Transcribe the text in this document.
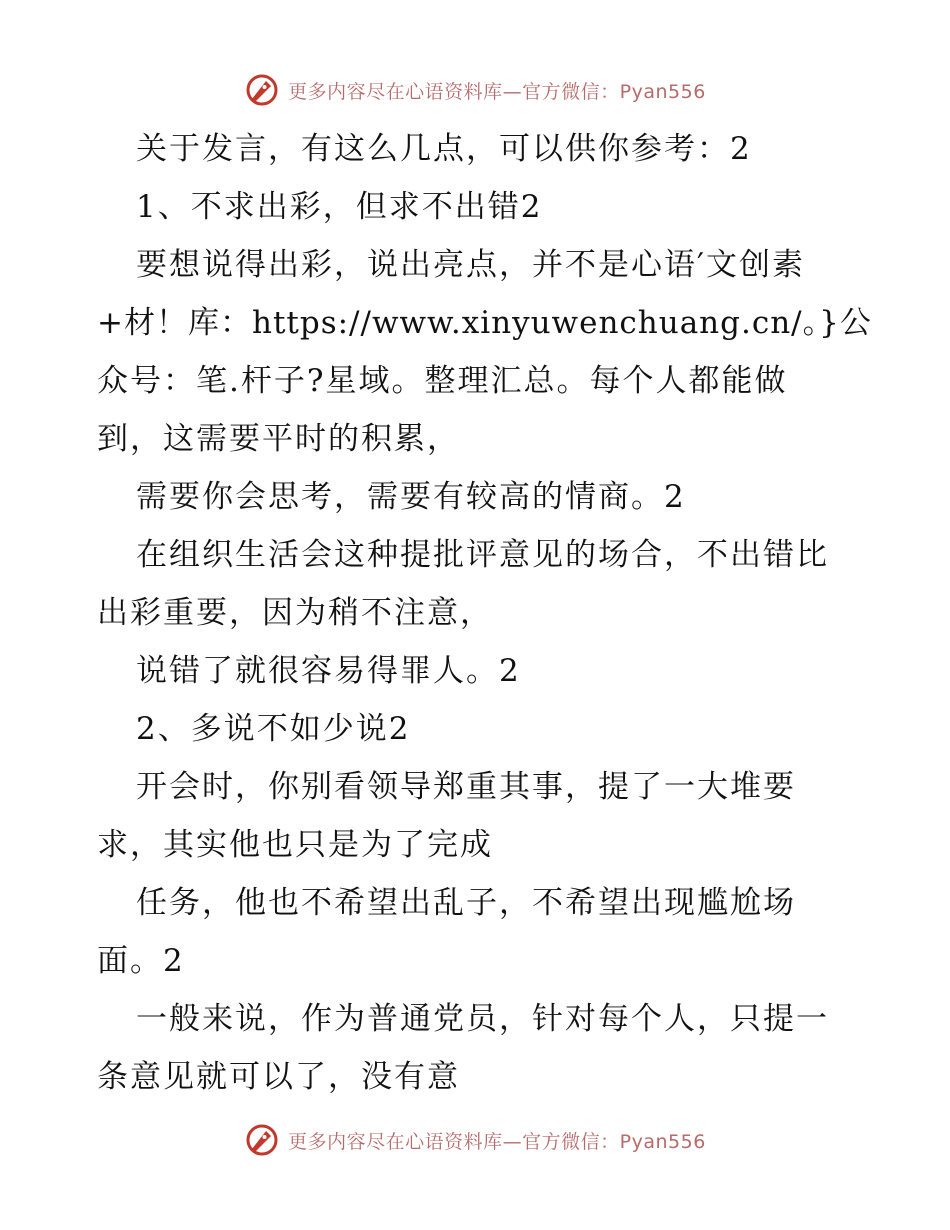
更多内容尽在心语资料库—官方微信：Pyan556
关于发言，有这么几点，可以供你参考：2
1、不求出彩，但求不出错2
要想说得出彩，说出亮点，并不是心语′文创素
+材！库：https://www.xinyuwenchuang.cn/。}公
众号：笔.杆子?星域。整理汇总。每个人都能做
到，这需要平时的积累，
需要你会思考，需要有较高的情商。2
在组织生活会这种提批评意见的场合，不出错比
出彩重要，因为稍不注意，
说错了就很容易得罪人。2
2、多说不如少说2
开会时，你别看领导郑重其事，提了一大堆要
求，其实他也只是为了完成
任务，他也不希望出乱子，不希望出现尴尬场
面。2
一般来说，作为普通党员，针对每个人，只提一
条意见就可以了，没有意
更多内容尽在心语资料库—官方微信：Pyan556
